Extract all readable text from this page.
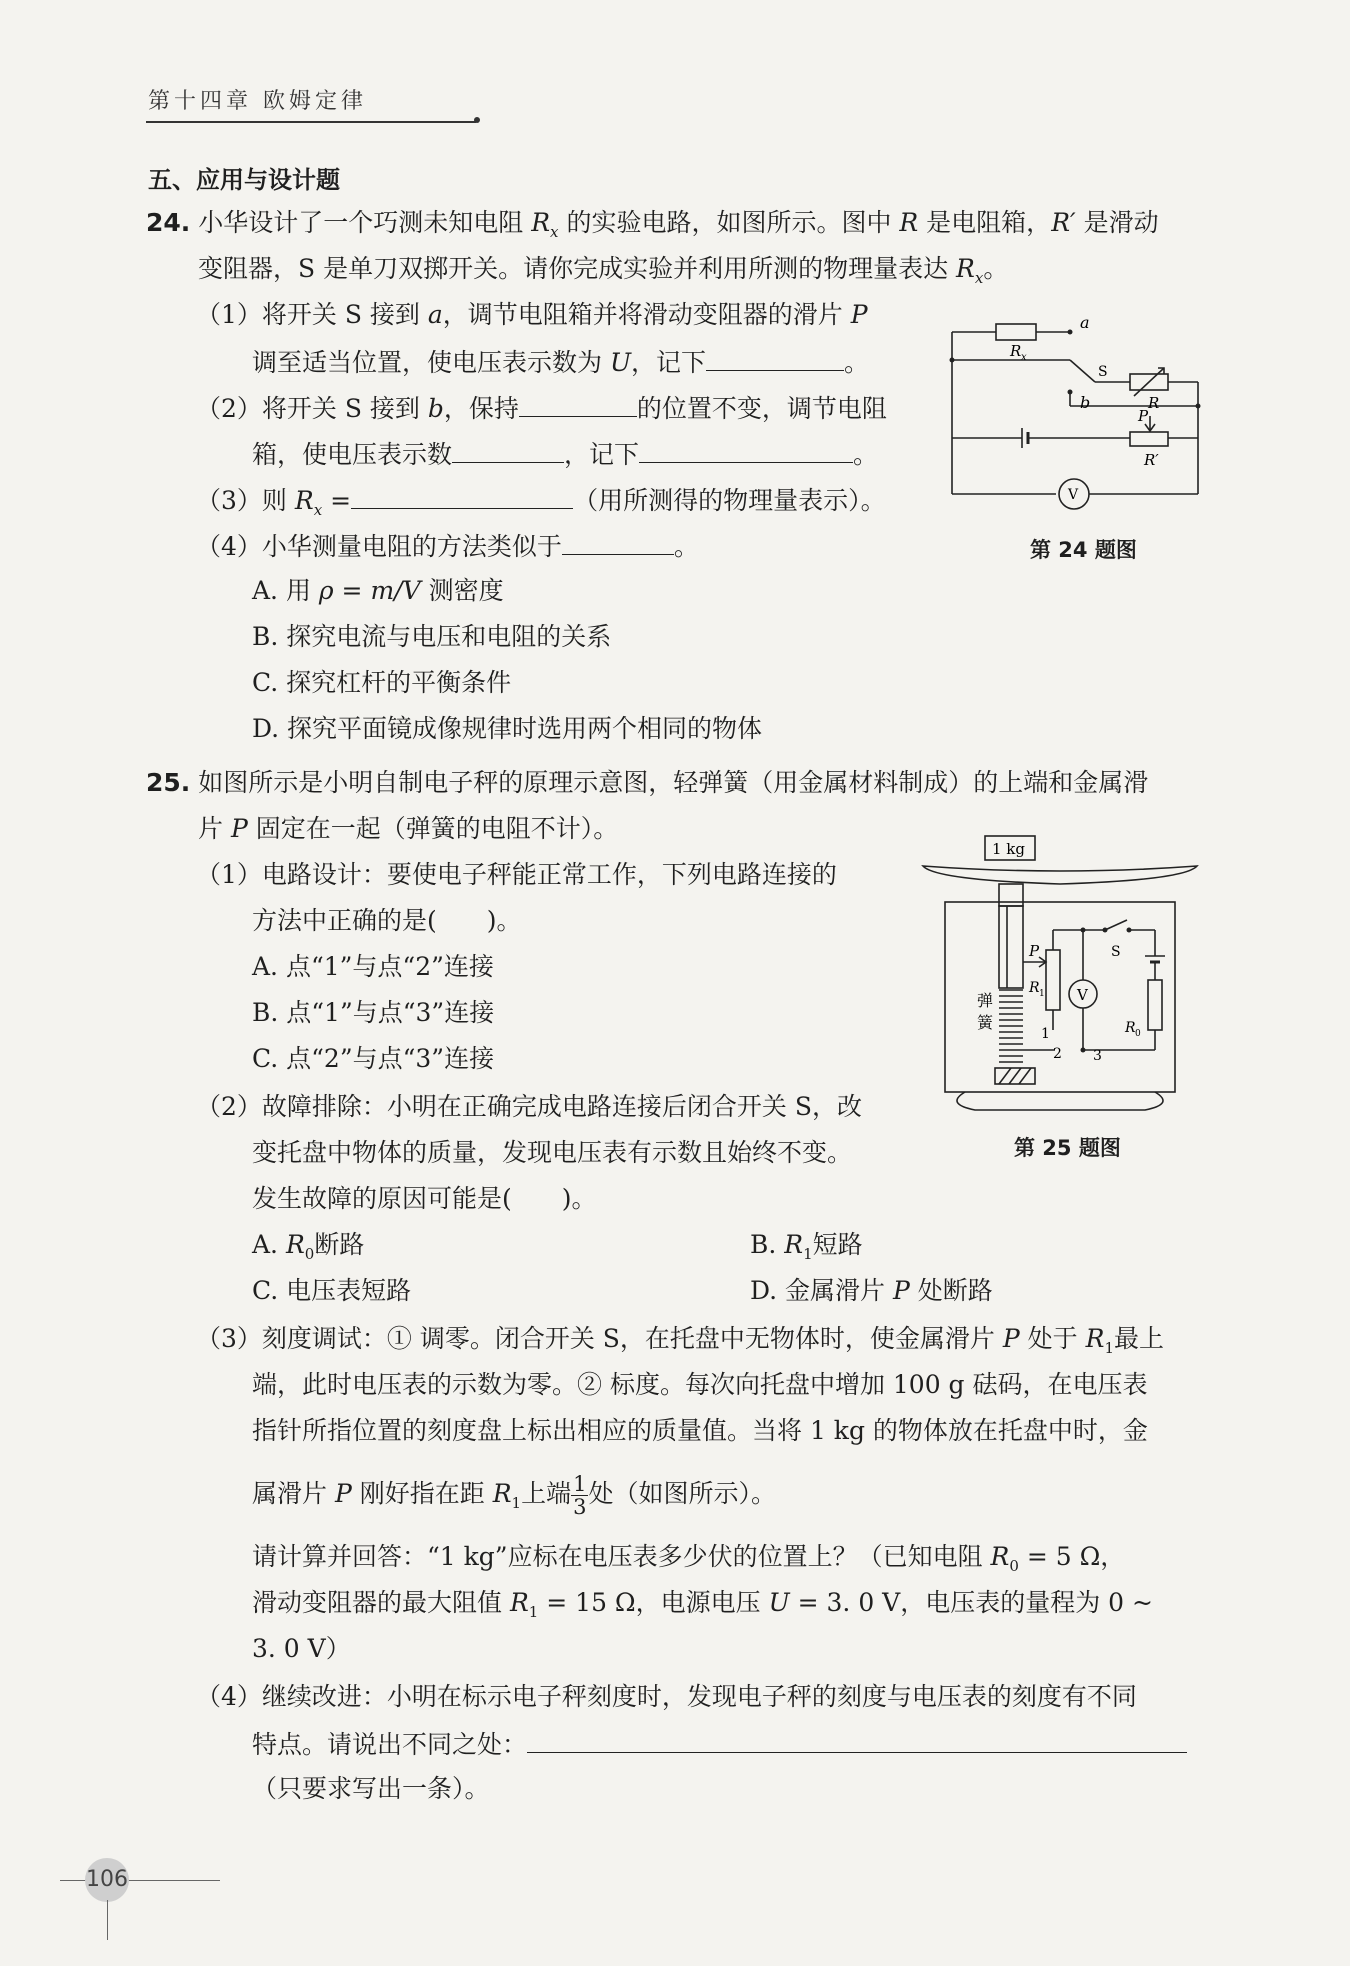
第十四章 欧姆定律
五、应用与设计题
24. 小华设计了一个巧测未知电阻 $R_x$ 的实验电路，如图所示。图中 R 是电阻箱，R′ 是滑动
变阻器，S 是单刀双掷开关。请你完成实验并利用所测的物理量表达 $R_x$。
（1）将开关 S 接到 a，调节电阻箱并将滑动变阻器的滑片 P
调至适当位置，使电压表示数为 U，记下	。
（2）将开关 S 接到 b，保持	的位置不变，调节电阻
箱，使电压表示数	，记下	。
（3）则 $R_x$ =	（用所测得的物理量表示）。
（4）小华测量电阻的方法类似于	。
A. 用 ρ = m/V 测密度
B. 探究电流与电压和电阻的关系
C. 探究杠杆的平衡条件
D. 探究平面镜成像规律时选用两个相同的物体
R x
a
b
S
R
P
R′
V
第 24 题图
25. 如图所示是小明自制电子秤的原理示意图，轻弹簧（用金属材料制成）的上端和金属滑
片 P 固定在一起（弹簧的电阻不计）。
（1）电路设计：要使电子秤能正常工作，下列电路连接的
方法中正确的是(　　)。
A. 点“1”与点“2”连接
B. 点“1”与点“3”连接
C. 点“2”与点“3”连接
（2）故障排除：小明在正确完成电路连接后闭合开关 S，改
变托盘中物体的质量，发现电压表有示数且始终不变。
发生故障的原因可能是(　　)。
A. $R_0$断路	B. $R_1$短路
C. 电压表短路	D. 金属滑片 P 处断路
（3）刻度调试：① 调零。闭合开关 S，在托盘中无物体时，使金属滑片 P 处于 $R_1$最上
端，此时电压表的示数为零。② 标度。每次向托盘中增加 100 g 砝码，在电压表
指针所指位置的刻度盘上标出相应的质量值。当将 1 kg 的物体放在托盘中时，金
属滑片 P 刚好指在距 $R_1$上端 $\frac{1}{3}$ 处（如图所示）。
请计算并回答：“1 kg”应标在电压表多少伏的位置上？（已知电阻 $R_0 = 5$ Ω，
滑动变阻器的最大阻值 $R_1 = 15$ Ω，电源电压 U = 3. 0 V，电压表的量程为 0 ~
3. 0 V）
（4）继续改进：小明在标示电子秤刻度时，发现电子秤的刻度与电压表的刻度有不同
特点。请说出不同之处：
（只要求写出一条）。
1 kg
P	S
R 1 V
R 0
弹
簧
1
2 3
第 25 题图
106
